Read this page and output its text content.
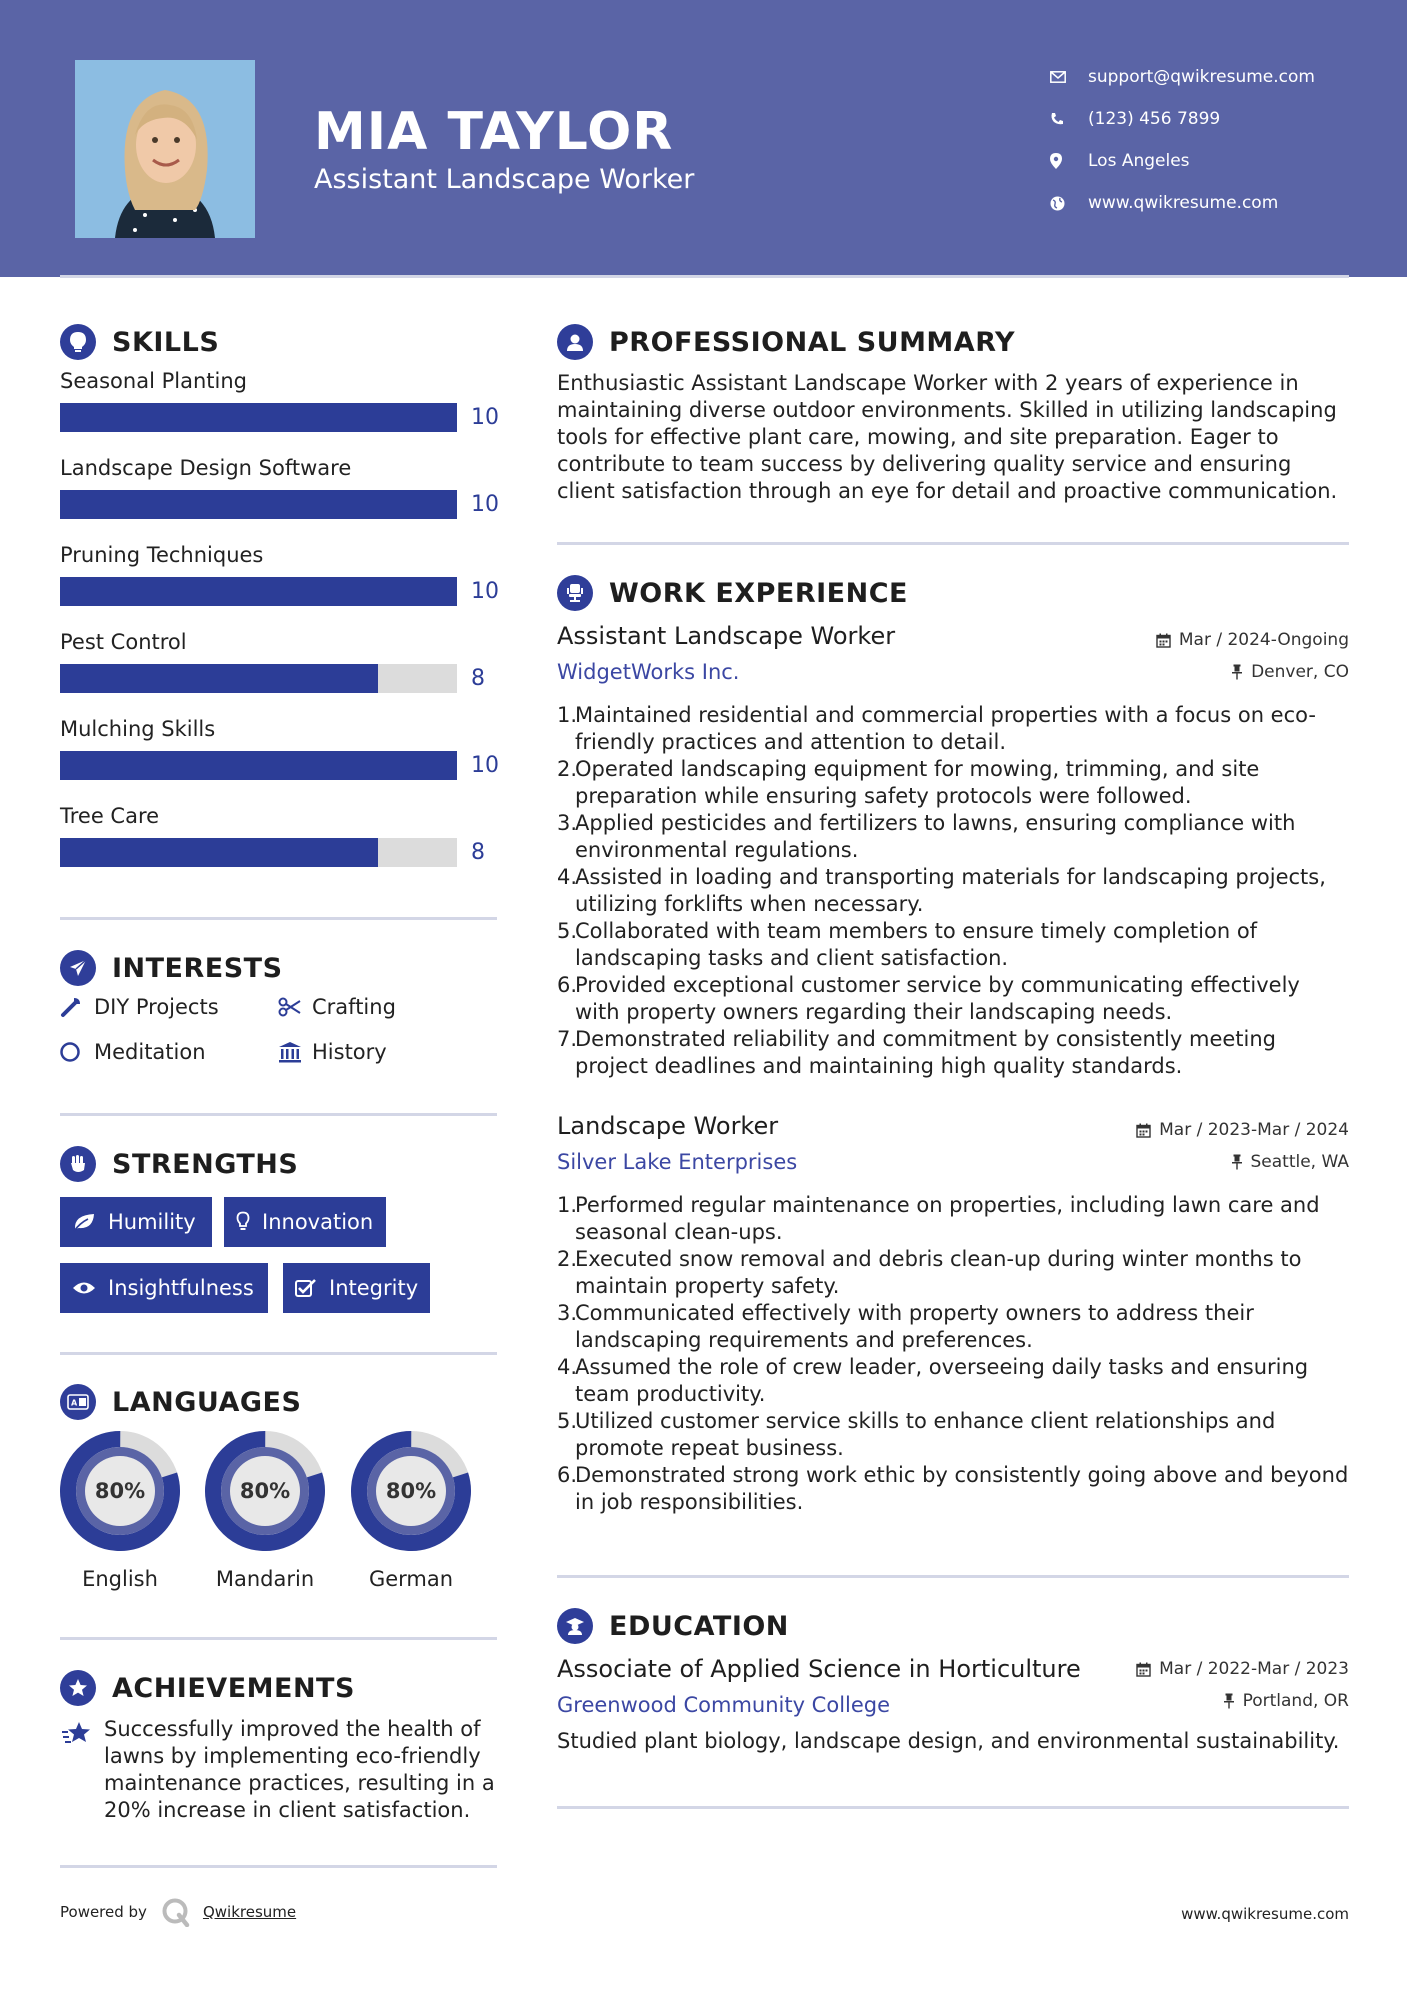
MIA TAYLOR
Assistant Landscape Worker
support@qwikresume.com
(123) 456 7899
Los Angeles
www.qwikresume.com
SKILLS
Seasonal Planting
10
Landscape Design Software
10
Pruning Techniques
10
Pest Control
8
Mulching Skills
10
Tree Care
8
INTERESTS
DIY Projects	Crafting
Meditation	History
STRENGTHS
Humility	Innovation
Insightfulness	Integrity
A LANGUAGES
80%
English
80%
Mandarin
80%
German
ACHIEVEMENTS
Successfully improved the health of lawns by implementing eco-friendly maintenance practices, resulting in a 20% increase in client satisfaction.
PROFESSIONAL SUMMARY
Enthusiastic Assistant Landscape Worker with 2 years of experience in maintaining diverse outdoor environments. Skilled in utilizing landscaping tools for effective plant care, mowing, and site preparation. Eager to contribute to team success by delivering quality service and ensuring client satisfaction through an eye for detail and proactive communication.
WORK EXPERIENCE
Assistant Landscape Worker
WidgetWorks Inc.
Mar / 2024-Ongoing
Denver, CO
1.
Maintained residential and commercial properties with a focus on eco-friendly practices and attention to detail.
2.
Operated landscaping equipment for mowing, trimming, and site preparation while ensuring safety protocols were followed.
3.
Applied pesticides and fertilizers to lawns, ensuring compliance with environmental regulations.
4.
Assisted in loading and transporting materials for landscaping projects, utilizing forklifts when necessary.
5.
Collaborated with team members to ensure timely completion of landscaping tasks and client satisfaction.
6.
Provided exceptional customer service by communicating effectively with property owners regarding their landscaping needs.
7.
Demonstrated reliability and commitment by consistently meeting project deadlines and maintaining high quality standards.
Landscape Worker
Silver Lake Enterprises
Mar / 2023-Mar / 2024
Seattle, WA
1.
Performed regular maintenance on properties, including lawn care and seasonal clean-ups.
2.
Executed snow removal and debris clean-up during winter months to maintain property safety.
3.
Communicated effectively with property owners to address their landscaping requirements and preferences.
4.
Assumed the role of crew leader, overseeing daily tasks and ensuring team productivity.
5.
Utilized customer service skills to enhance client relationships and promote repeat business.
6.
Demonstrated strong work ethic by consistently going above and beyond in job responsibilities.
EDUCATION
Associate of Applied Science in Horticulture
Greenwood Community College
Mar / 2022-Mar / 2023
Portland, OR
Studied plant biology, landscape design, and environmental sustainability.
Powered by	Qwikresume	www.qwikresume.com
